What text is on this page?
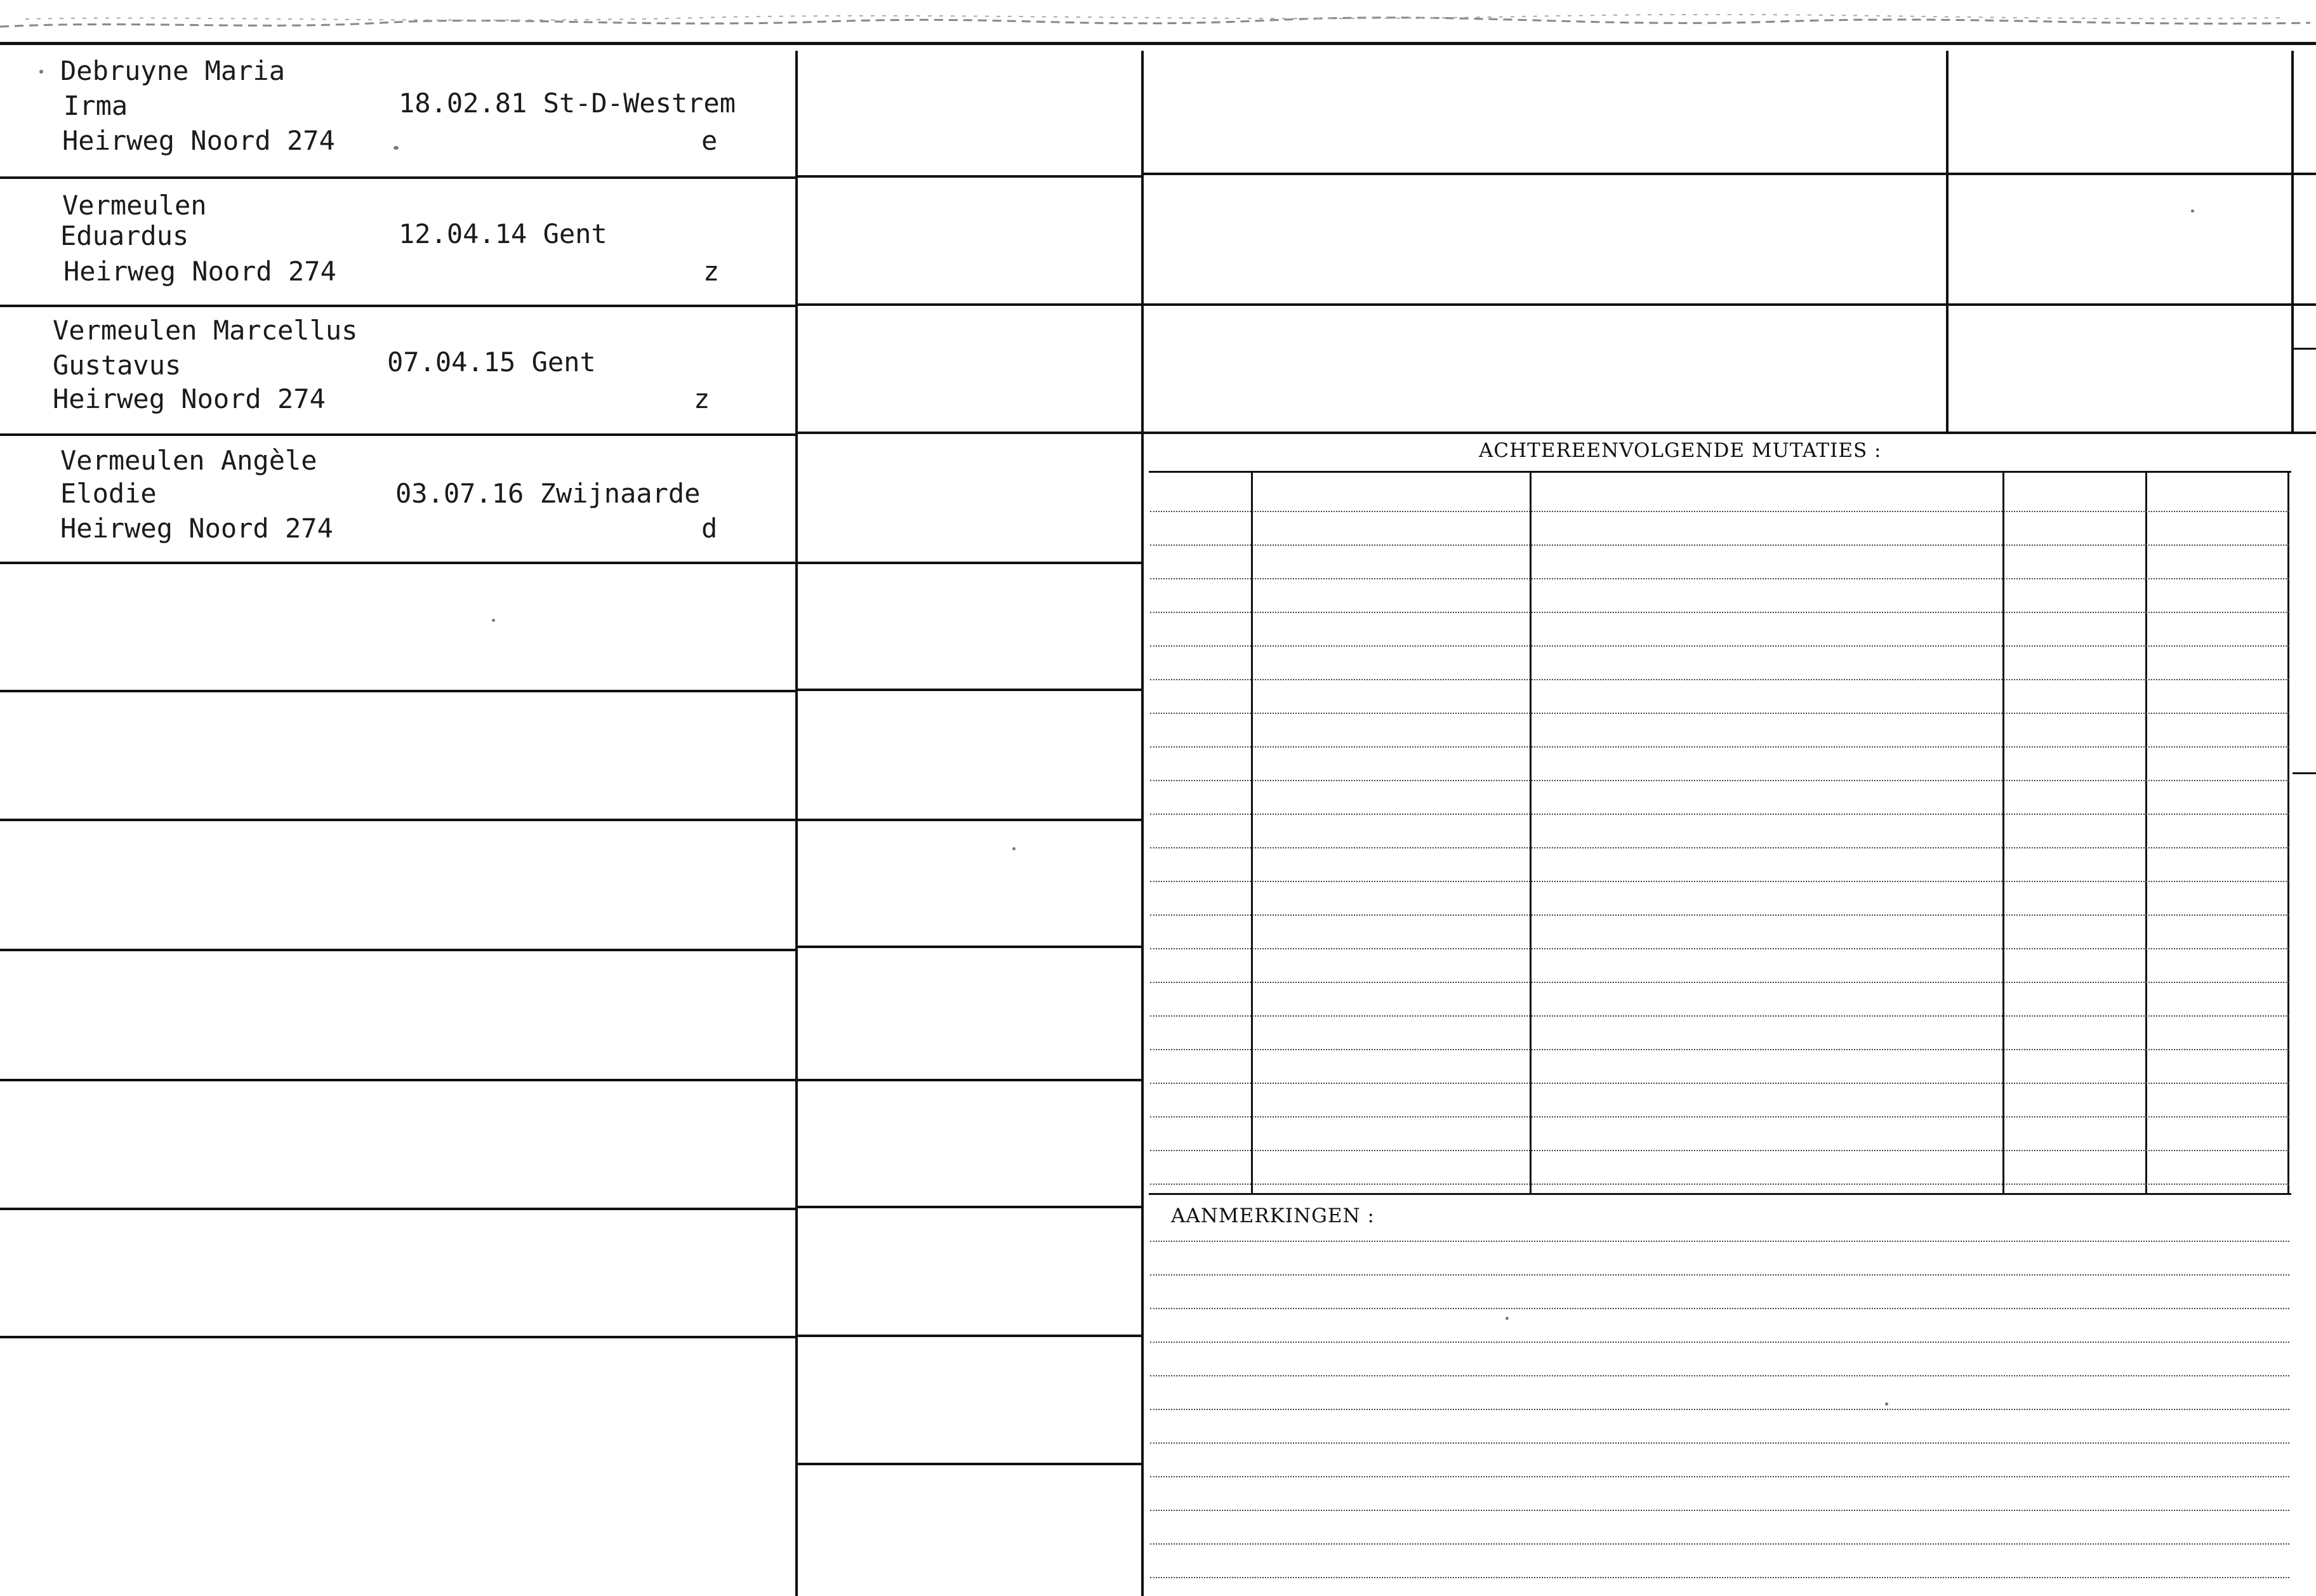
ACHTEREENVOLGENDE MUTATIES :
AANMERKINGEN :
Debruyne Maria
Irma
Heirweg Noord 274
18.02.81 St-D-Westrem
e
Vermeulen
Eduardus
Heirweg Noord 274
12.04.14 Gent
z
Vermeulen Marcellus
Gustavus
Heirweg Noord 274
07.04.15 Gent
z
Vermeulen Angèle
Elodie
Heirweg Noord 274
03.07.16 Zwijnaarde
d
